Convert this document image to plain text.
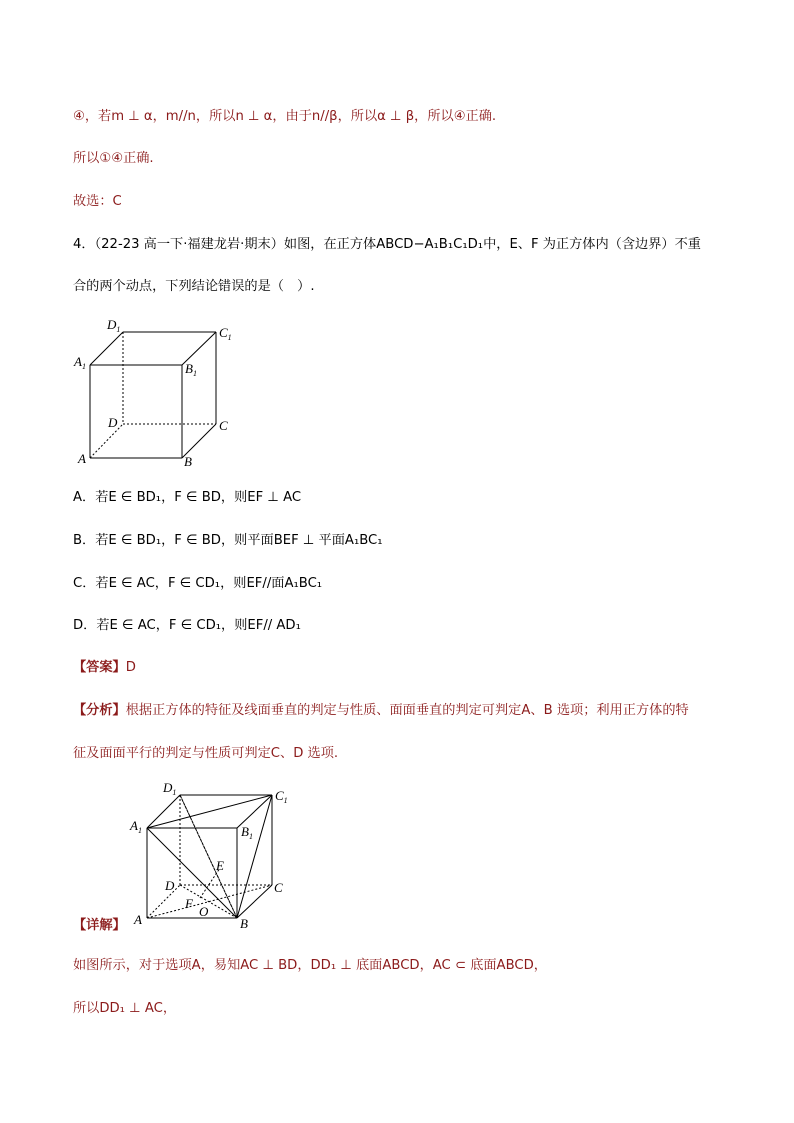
④，若m ⊥ α，m//n，所以n ⊥ α，由于n//β，所以α ⊥ β，所以④正确.
所以①④正确.
故选：C
4．（22-23 高一下·福建龙岩·期末）如图，在正方体ABCD−A₁B₁C₁D₁中，E、F 为正方体内（含边界）不重
合的两个动点，下列结论错误的是（　）.
$D_1$	$C_1$
$A_1$	$B_1$
D	C
A	B
A．若E ∈ BD₁，F ∈ BD，则EF ⊥ AC
B．若E ∈ BD₁，F ∈ BD，则平面BEF ⊥ 平面A₁BC₁
C．若E ∈ AC，F ∈ CD₁，则EF//面A₁BC₁
D．若E ∈ AC，F ∈ CD₁，则EF// AD₁
【答案】D
【分析】根据正方体的特征及线面垂直的判定与性质、面面垂直的判定可判定A、B 选项；利用正方体的特
征及面面平行的判定与性质可判定C、D 选项.
$D_1$	$C_1$
$A_1$	$B_1$
E
D	C
F
O
A	B
【详解】
如图所示，对于选项A，易知AC ⊥ BD，DD₁ ⊥ 底面ABCD，AC ⊂ 底面ABCD，
所以DD₁ ⊥ AC，
